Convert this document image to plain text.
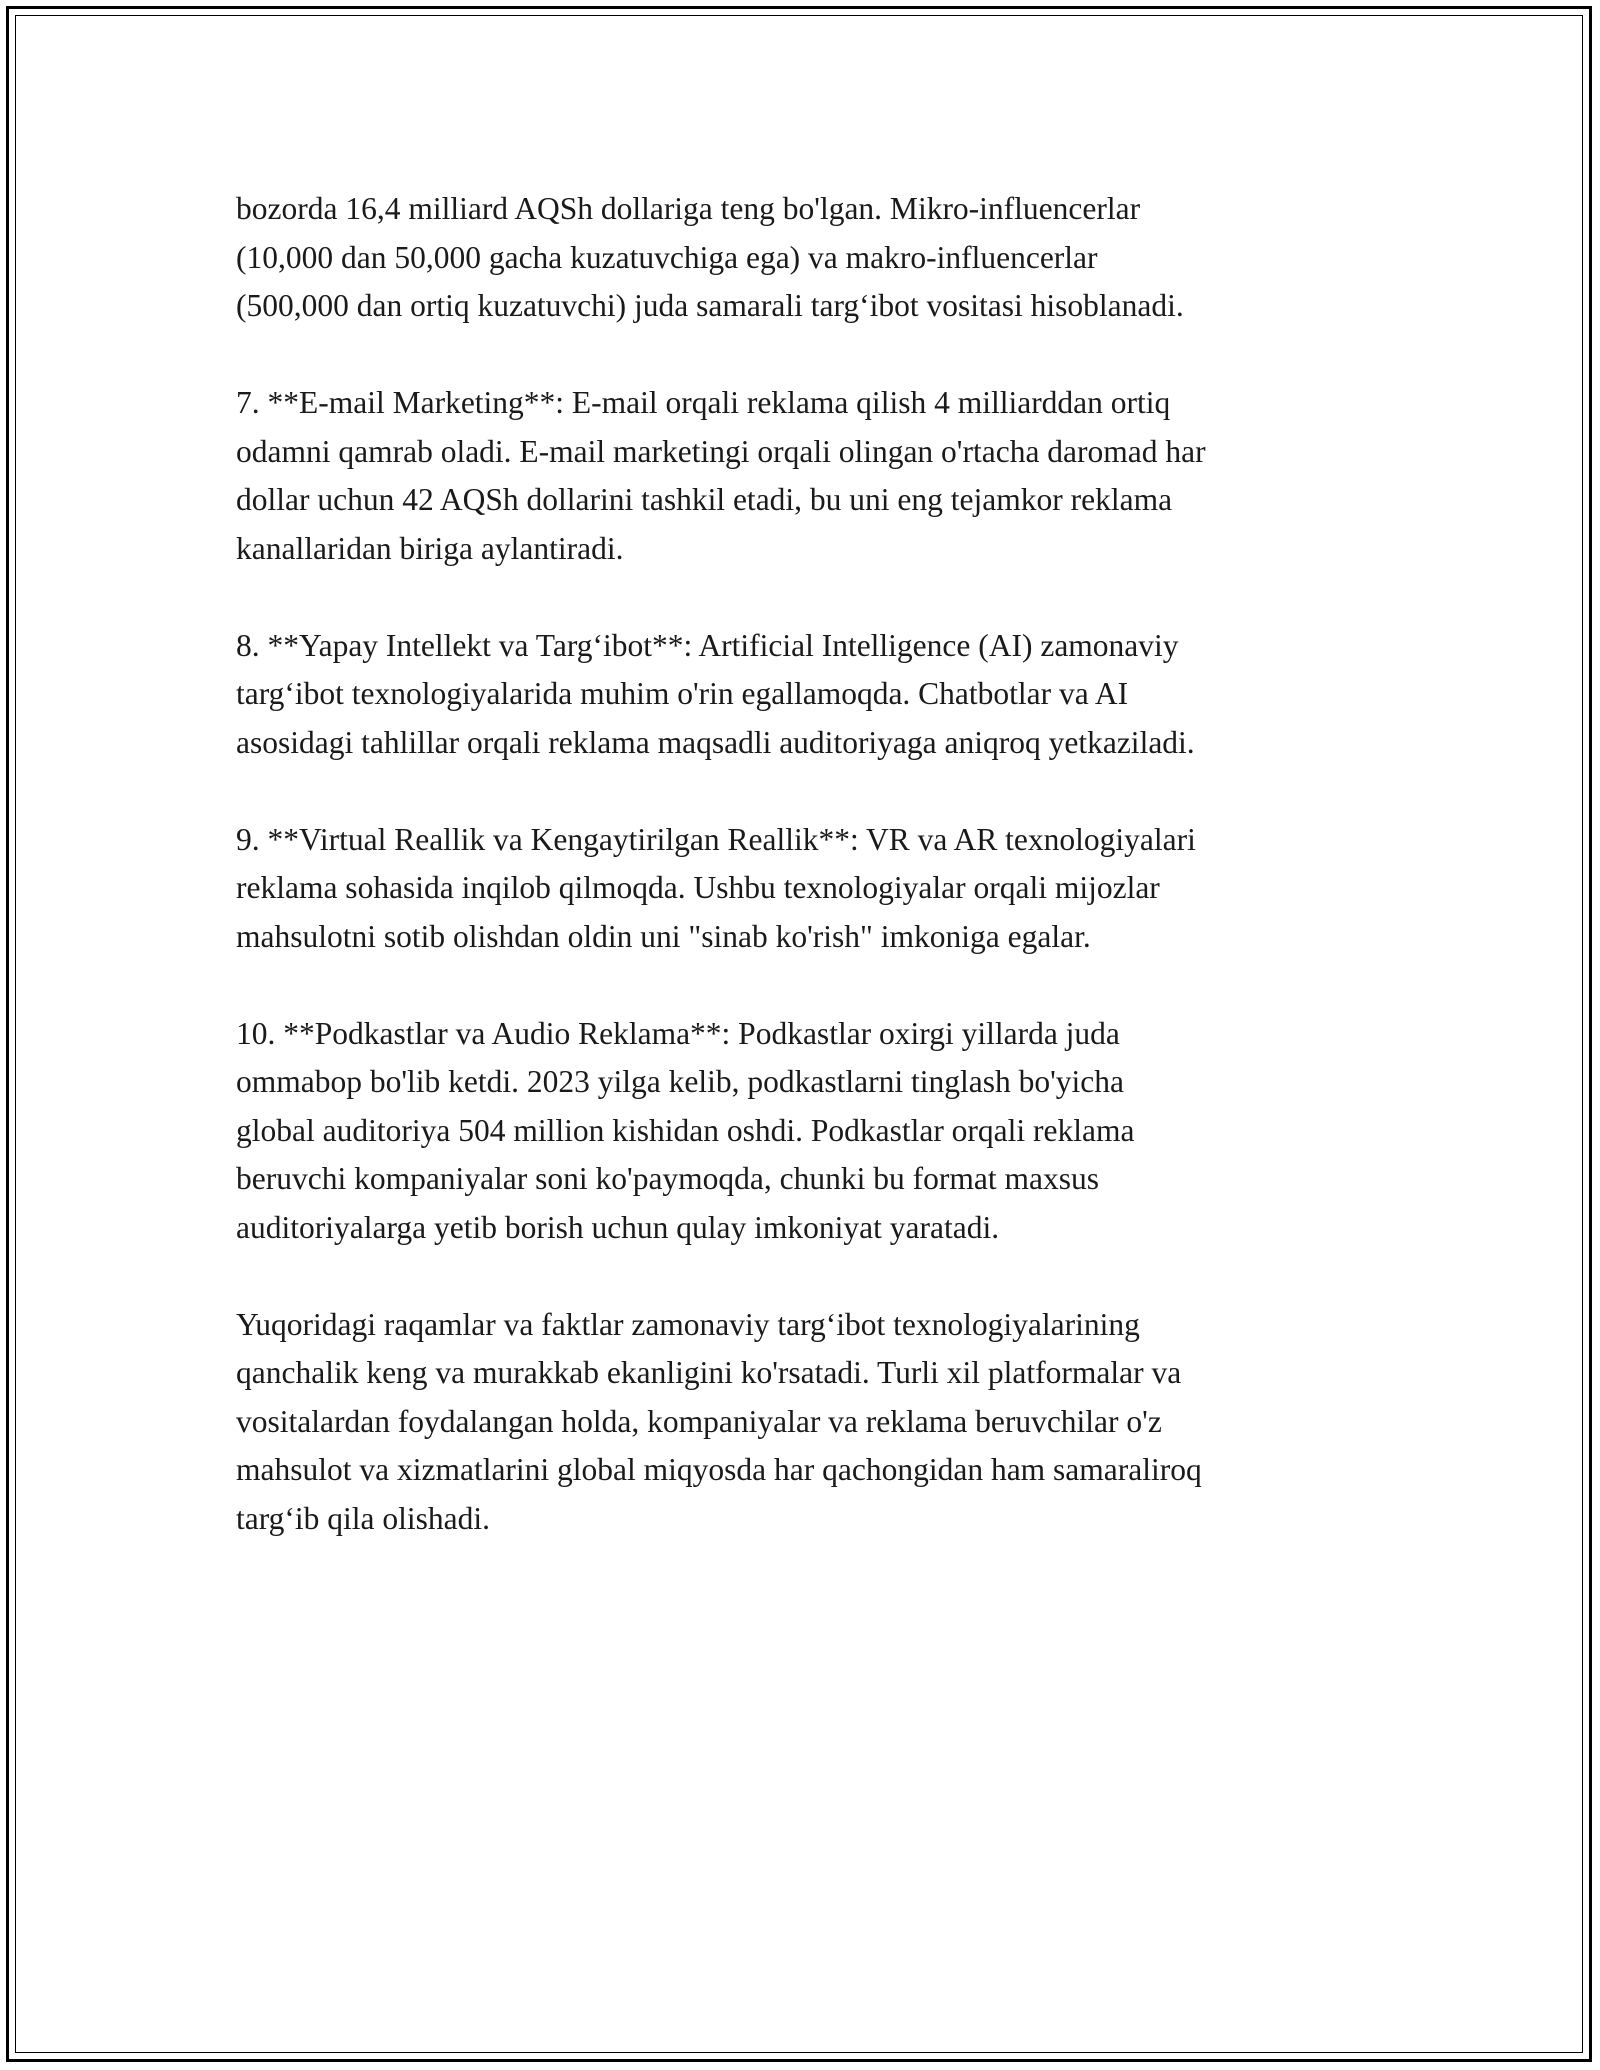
bozorda 16,4 milliard AQSh dollariga teng bo'lgan. Mikro-influencerlar
(10,000 dan 50,000 gacha kuzatuvchiga ega) va makro-influencerlar
(500,000 dan ortiq kuzatuvchi) juda samarali targ‘ibot vositasi hisoblanadi.

7. **E-mail Marketing**: E-mail orqali reklama qilish 4 milliarddan ortiq
odamni qamrab oladi. E-mail marketingi orqali olingan o'rtacha daromad har
dollar uchun 42 AQSh dollarini tashkil etadi, bu uni eng tejamkor reklama
kanallaridan biriga aylantiradi.

8. **Yapay Intellekt va Targ‘ibot**: Artificial Intelligence (AI) zamonaviy
targ‘ibot texnologiyalarida muhim o'rin egallamoqda. Chatbotlar va AI
asosidagi tahlillar orqali reklama maqsadli auditoriyaga aniqroq yetkaziladi.

9. **Virtual Reallik va Kengaytirilgan Reallik**: VR va AR texnologiyalari
reklama sohasida inqilob qilmoqda. Ushbu texnologiyalar orqali mijozlar
mahsulotni sotib olishdan oldin uni "sinab ko'rish" imkoniga egalar.

10. **Podkastlar va Audio Reklama**: Podkastlar oxirgi yillarda juda
ommabop bo'lib ketdi. 2023 yilga kelib, podkastlarni tinglash bo'yicha
global auditoriya 504 million kishidan oshdi. Podkastlar orqali reklama
beruvchi kompaniyalar soni ko'paymoqda, chunki bu format maxsus
auditoriyalarga yetib borish uchun qulay imkoniyat yaratadi.

Yuqoridagi raqamlar va faktlar zamonaviy targ‘ibot texnologiyalarining
qanchalik keng va murakkab ekanligini ko'rsatadi. Turli xil platformalar va
vositalardan foydalangan holda, kompaniyalar va reklama beruvchilar o'z
mahsulot va xizmatlarini global miqyosda har qachongidan ham samaraliroq
targ‘ib qila olishadi.
